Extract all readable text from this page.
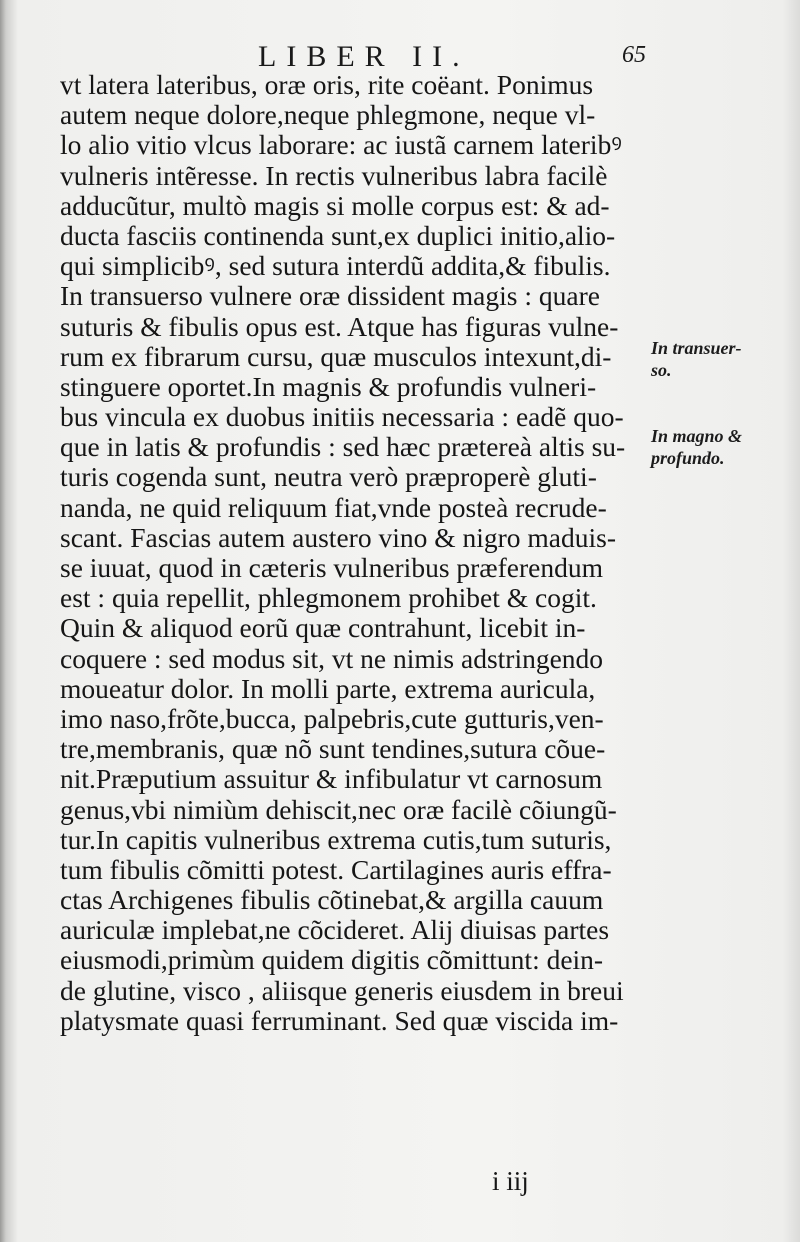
LIBER II.	65
vt latera lateribus, oræ oris, rite coëant. Ponimus
autem neque dolore,neque phlegmone, neque vl-
lo alio vitio vlcus laborare: ac iustã carnem lateribꝰ
vulneris intẽresse. In rectis vulneribus labra facilè
adducũtur, multò magis si molle corpus est: & ad-
ducta fasciis continenda sunt,ex duplici initio,alio-
qui simplicibꝰ, sed sutura interdũ addita,& fibulis.
In transuerso vulnere oræ dissident magis : quare
suturis & fibulis opus est. Atque has figuras vulne-
rum ex fibrarum cursu, quæ musculos intexunt,di-
stinguere oportet.In magnis & profundis vulneri-
bus vincula ex duobus initiis necessaria : eadẽ quo-
que in latis & profundis : sed hæc prætereà altis su-
turis cogenda sunt, neutra verò præproperè gluti-
nanda, ne quid reliquum fiat,vnde posteà recrude-
scant. Fascias autem austero vino & nigro maduis-
se iuuat, quod in cæteris vulneribus præferendum
est : quia repellit, phlegmonem prohibet & cogit.
Quin & aliquod eorũ quæ contrahunt, licebit in-
coquere : sed modus sit, vt ne nimis adstringendo
moueatur dolor. In molli parte, extrema auricula,
imo naso,frõte,bucca, palpebris,cute gutturis,ven-
tre,membranis, quæ nõ sunt tendines,sutura cõue-
nit.Præputium assuitur & infibulatur vt carnosum
genus,vbi nimiùm dehiscit,nec oræ facilè cõiungũ-
tur.In capitis vulneribus extrema cutis,tum suturis,
tum fibulis cõmitti potest. Cartilagines auris effra-
ctas Archigenes fibulis cõtinebat,& argilla cauum
auriculæ implebat,ne cõcideret. Alij diuisas partes
eiusmodi,primùm quidem digitis cõmittunt: dein-
de glutine, visco , aliisque generis eiusdem in breui
platysmate quasi ferruminant. Sed quæ viscida im-
In transuer-
so.
In magno &
profundo.
i iij
